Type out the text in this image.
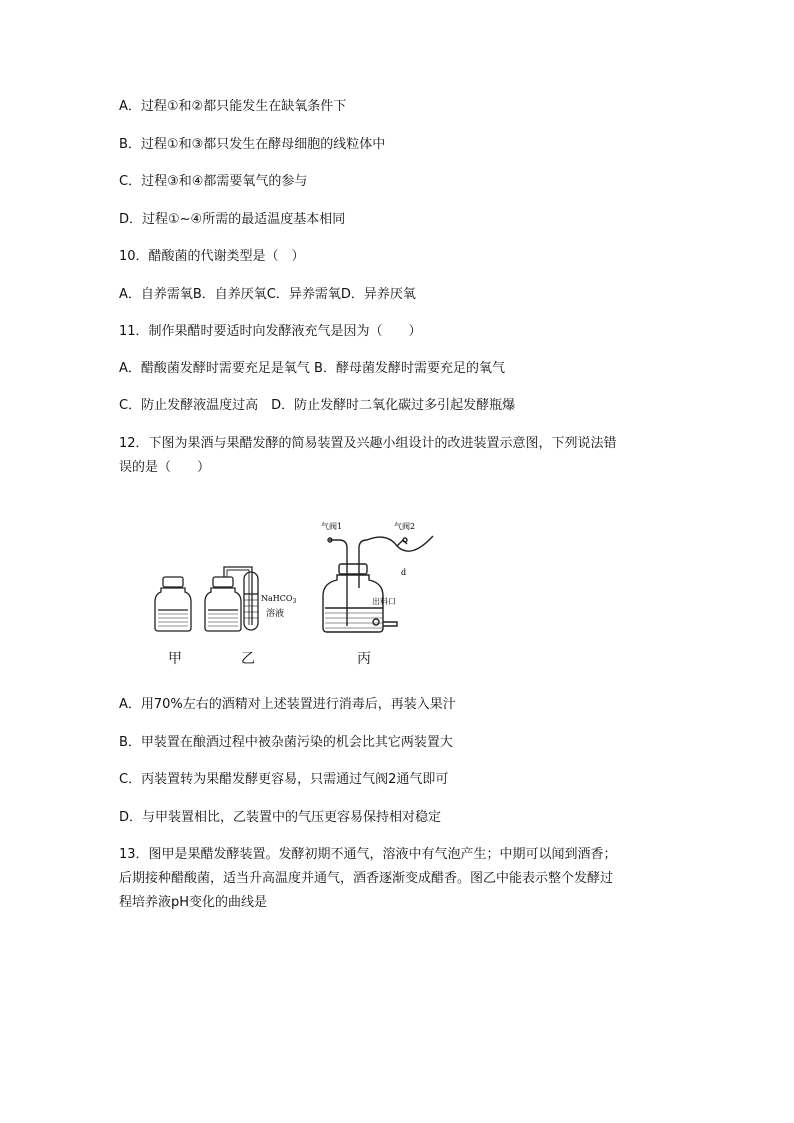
A．过程①和②都只能发生在缺氧条件下
B．过程①和③都只发生在酵母细胞的线粒体中
C．过程③和④都需要氧气的参与
D．过程①~④所需的最适温度基本相同
10．醋酸菌的代谢类型是（　）
A．自养需氧B．自养厌氧C．异养需氧D．异养厌氧
11．制作果醋时要适时向发酵液充气是因为（　　）
A．醋酸菌发酵时需要充足是氧气 B．酵母菌发酵时需要充足的氧气
C．防止发酵液温度过高　D．防止发酵时二氧化碳过多引起发酵瓶爆
12．下图为果酒与果醋发酵的简易装置及兴趣小组设计的改进装置示意图，下列说法错
误的是（　　）
NaHCO$_3$
溶液
气阀1	气阀2
d
出料口
甲	乙	丙
A．用70%左右的酒精对上述装置进行消毒后，再装入果汁
B．甲装置在酿酒过程中被杂菌污染的机会比其它两装置大
C．丙装置转为果醋发酵更容易，只需通过气阀2通气即可
D．与甲装置相比，乙装置中的气压更容易保持相对稳定
13．图甲是果醋发酵装置。发酵初期不通气，溶液中有气泡产生；中期可以闻到酒香；
后期接种醋酸菌，适当升高温度并通气，酒香逐渐变成醋香。图乙中能表示整个发酵过
程培养液pH变化的曲线是
